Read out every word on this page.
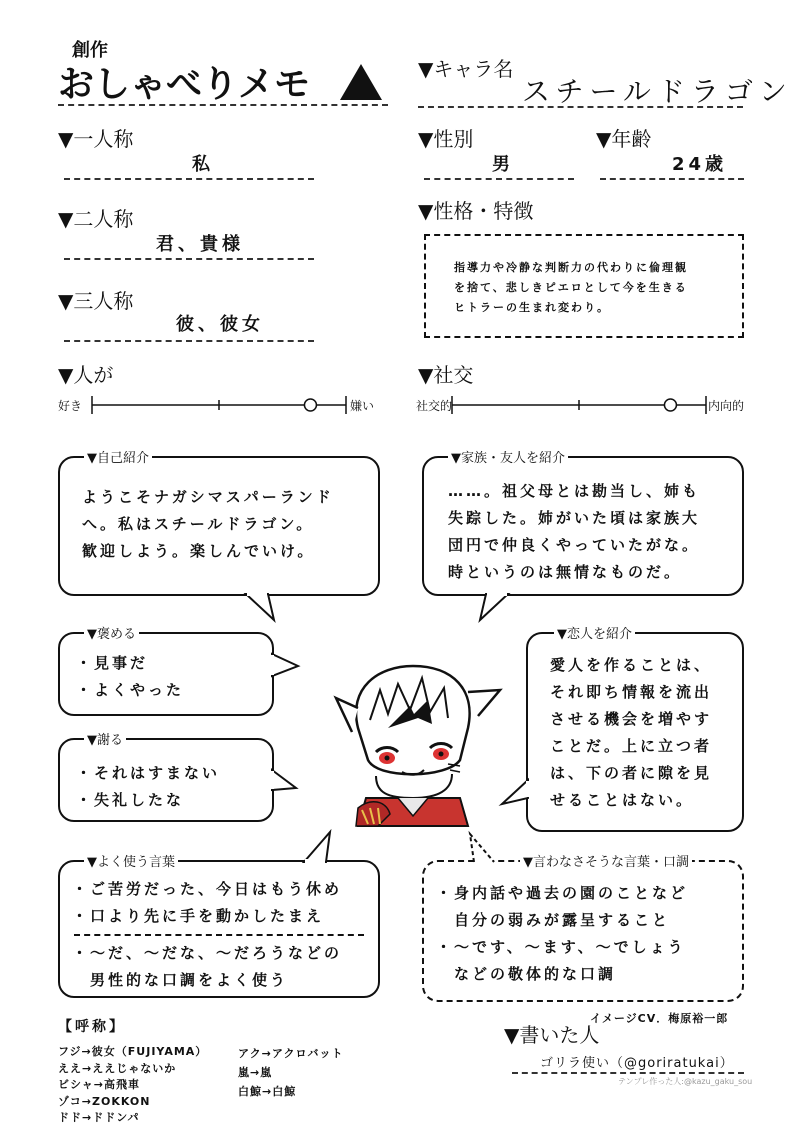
創作
おしゃべりメモ	▼キャラ名
スチールドラゴン
▼一人称
私
▼性別
男
▼年齢
24歳
▼二人称
君、貴様
▼性格・特徴
指導力や冷静な判断力の代わりに倫理観
を捨て、悲しきピエロとして今を生きる
ヒトラーの生まれ変わり。
▼三人称
彼、彼女
▼人が
好き	嫌い
▼社交
社交的	内向的
▼自己紹介
ようこそナガシマスパーランド
へ。私はスチールドラゴン。
歓迎しよう。楽しんでいけ。
▼家族・友人を紹介
……。祖父母とは勘当し、姉も
失踪した。姉がいた頃は家族大
団円で仲良くやっていたがな。
時というのは無情なものだ。
▼褒める
・見事だ
・よくやった
▼謝る
・それはすまない
・失礼したな
▼恋人を紹介
愛人を作ることは、
それ即ち情報を流出
させる機会を増やす
ことだ。上に立つ者
は、下の者に隙を見
せることはない。
▼よく使う言葉
・ご苦労だった、今日はもう休め
・口より先に手を動かしたまえ
・～だ、～だな、～だろうなどの
　男性的な口調をよく使う
▼言わなさそうな言葉・口調
・身内話や過去の園のことなど
　自分の弱みが露呈すること
・～です、～ます、～でしょう
　などの敬体的な口調
イメージCV．梅原裕一郎
【呼称】
フジ→彼女（FUJIYAMA）
ええ→ええじゃないか
ビシャ→高飛車
ゾコ→ZOKKON
ドド→ドドンパ
アク→アクロバット
嵐→嵐
白鯨→白鯨
▼書いた人
ゴリラ使い（@goriratukai）
テンプレ作った人:@kazu_gaku_sou
